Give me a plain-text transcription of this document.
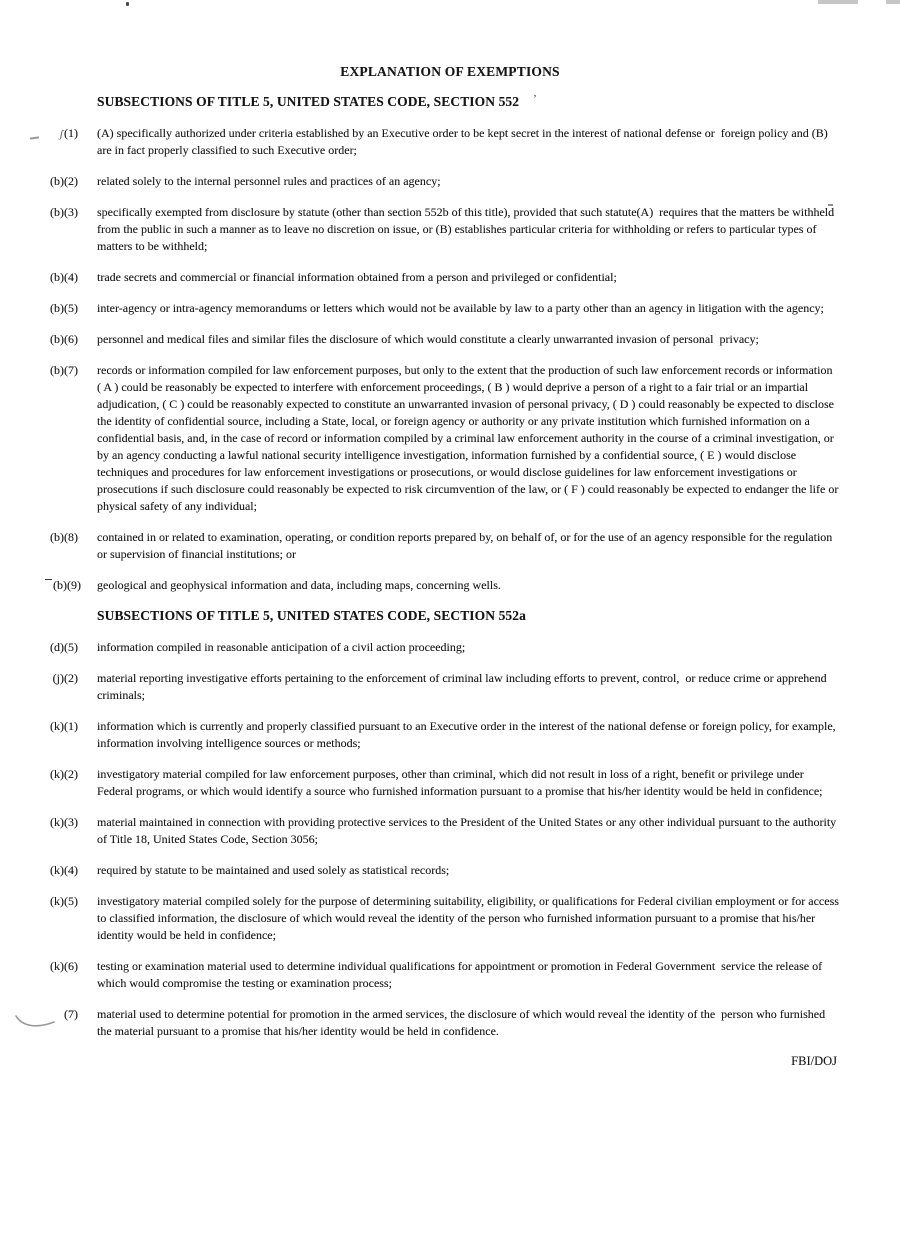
EXPLANATION OF EXEMPTIONS
SUBSECTIONS OF TITLE 5, UNITED STATES CODE, SECTION 552 ’
ʃ(1) (A) specifically authorized under criteria established by an Executive order to be kept secret in the interest of national defense or  foreign policy and (B) are in fact properly classified to such Executive order;

(b)(2) related solely to the internal personnel rules and practices of an agency;

(b)(3) specifically exempted from disclosure by statute (other than section 552b of this title), provided that such statute(A)  requires that the matters be withheld from the public in such a manner as to leave no discretion on issue, or (B) establishes particular criteria for withholding or refers to particular types of matters to be withheld;

(b)(4) trade secrets and commercial or financial information obtained from a person and privileged or confidential;

(b)(5) inter-agency or intra-agency memorandums or letters which would not be available by law to a party other than an agency in litigation with the agency;

(b)(6) personnel and medical files and similar files the disclosure of which would constitute a clearly unwarranted invasion of personal  privacy;

(b)(7) records or information compiled for law enforcement purposes, but only to the extent that the production of such law enforcement records or information ( A ) could be reasonably be expected to interfere with enforcement proceedings, ( B ) would deprive a person of a right to a fair trial or an impartial adjudication, ( C ) could be reasonably expected to constitute an unwarranted invasion of personal privacy, ( D ) could reasonably be expected to disclose the identity of confidential source, including a State, local, or foreign agency or authority or any private institution which furnished information on a confidential basis, and, in the case of record or information compiled by a criminal law enforcement authority in the course of a criminal investigation, or by an agency conducting a lawful national security intelligence investigation, information furnished by a confidential source, ( E ) would disclose techniques and procedures for law enforcement investigations or prosecutions, or would disclose guidelines for law enforcement investigations or prosecutions if such disclosure could reasonably be expected to risk circumvention of the law, or ( F ) could reasonably be expected to endanger the life or physical safety of any individual;

(b)(8) contained in or related to examination, operating, or condition reports prepared by, on behalf of, or for the use of an agency responsible for the regulation or supervision of financial institutions; or

(b)(9) geological and geophysical information and data, including maps, concerning wells.

SUBSECTIONS OF TITLE 5, UNITED STATES CODE, SECTION 552a
(d)(5) information compiled in reasonable anticipation of a civil action proceeding;

(j)(2) material reporting investigative efforts pertaining to the enforcement of criminal law including efforts to prevent, control,  or reduce crime or apprehend criminals;

(k)(1) information which is currently and properly classified pursuant to an Executive order in the interest of the national defense or foreign policy, for example, information involving intelligence sources or methods;

(k)(2) investigatory material compiled for law enforcement purposes, other than criminal, which did not result in loss of a right, benefit or privilege under Federal programs, or which would identify a source who furnished information pursuant to a promise that his/her identity would be held in confidence;

(k)(3) material maintained in connection with providing protective services to the President of the United States or any other individual pursuant to the authority of Title 18, United States Code, Section 3056;

(k)(4) required by statute to be maintained and used solely as statistical records;

(k)(5) investigatory material compiled solely for the purpose of determining suitability, eligibility, or qualifications for Federal civilian employment or for access to classified information, the disclosure of which would reveal the identity of the person who furnished information pursuant to a promise that his/her identity would be held in confidence;

(k)(6) testing or examination material used to determine individual qualifications for appointment or promotion in Federal Government  service the release of which would compromise the testing or examination process;

(7) material used to determine potential for promotion in the armed services, the disclosure of which would reveal the identity of the  person who furnished the material pursuant to a promise that his/her identity would be held in confidence.

FBI/DOJ
